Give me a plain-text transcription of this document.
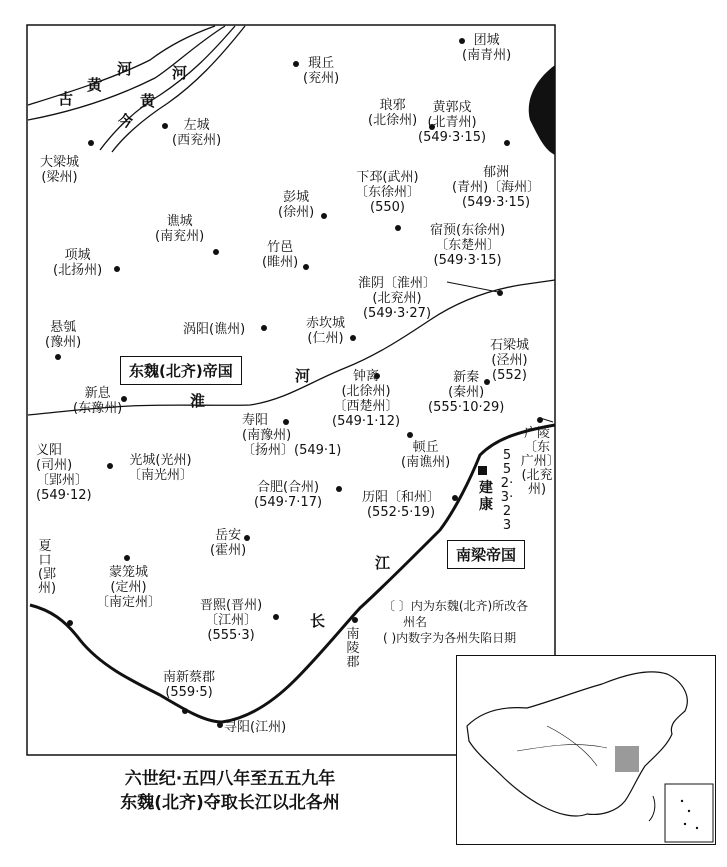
古
黄
河	河
黄
今
淮
河
江
长
东魏(北齐)帝国
南梁帝国
团城
(南青州)
瑕丘
(兖州)
琅邪
(北徐州)
黄郭戍
(北青州)
(549·3·15)
左城
(西兖州)
大梁城
(梁州)	下邳(武州)
〔东徐州〕
(550)
郁洲
(青州)〔海州〕
(549·3·15)
彭城
(徐州)
谯城
(南兖州)	宿预(东徐州)
〔东楚州〕
(549·3·15)
项城
(北扬州)
竹邑
(睢州)
淮阴〔淮州〕
(北兖州)
(549·3·27)
悬瓠
(豫州)
涡阳(谯州)	赤坎城
(仁州)	石梁城
(泾州)
(552)
新息
(东豫州)
钟离
(北徐州)
〔西楚州〕
(549·1·12)
新秦
(秦州)
(555·10·29)
寿阳
(南豫州)
〔扬州〕(549·1)	顿丘
(南谯州)
义阳
(司州)
〔郢州〕
(549·12)
光城(光州)
〔南光州〕
合肥(合州)
(549·7·17)	历阳〔和州〕
(552·5·19)
岳安
(霍州)
蒙笼城
(定州)
〔南定州〕	晋熙(晋州)
〔江州〕
(555·3)
南新蔡郡
(559·5)
寻阳(江州)
夏口(郢州)
南陵郡
建康
552·3·23
广陵〔东广州〕(北兖州)
〔 〕内为东魏(北齐)所改各
州名
( )内数字为各州失陷日期
六世纪·五四八年至五五九年
东魏(北齐)夺取长江以北各州
